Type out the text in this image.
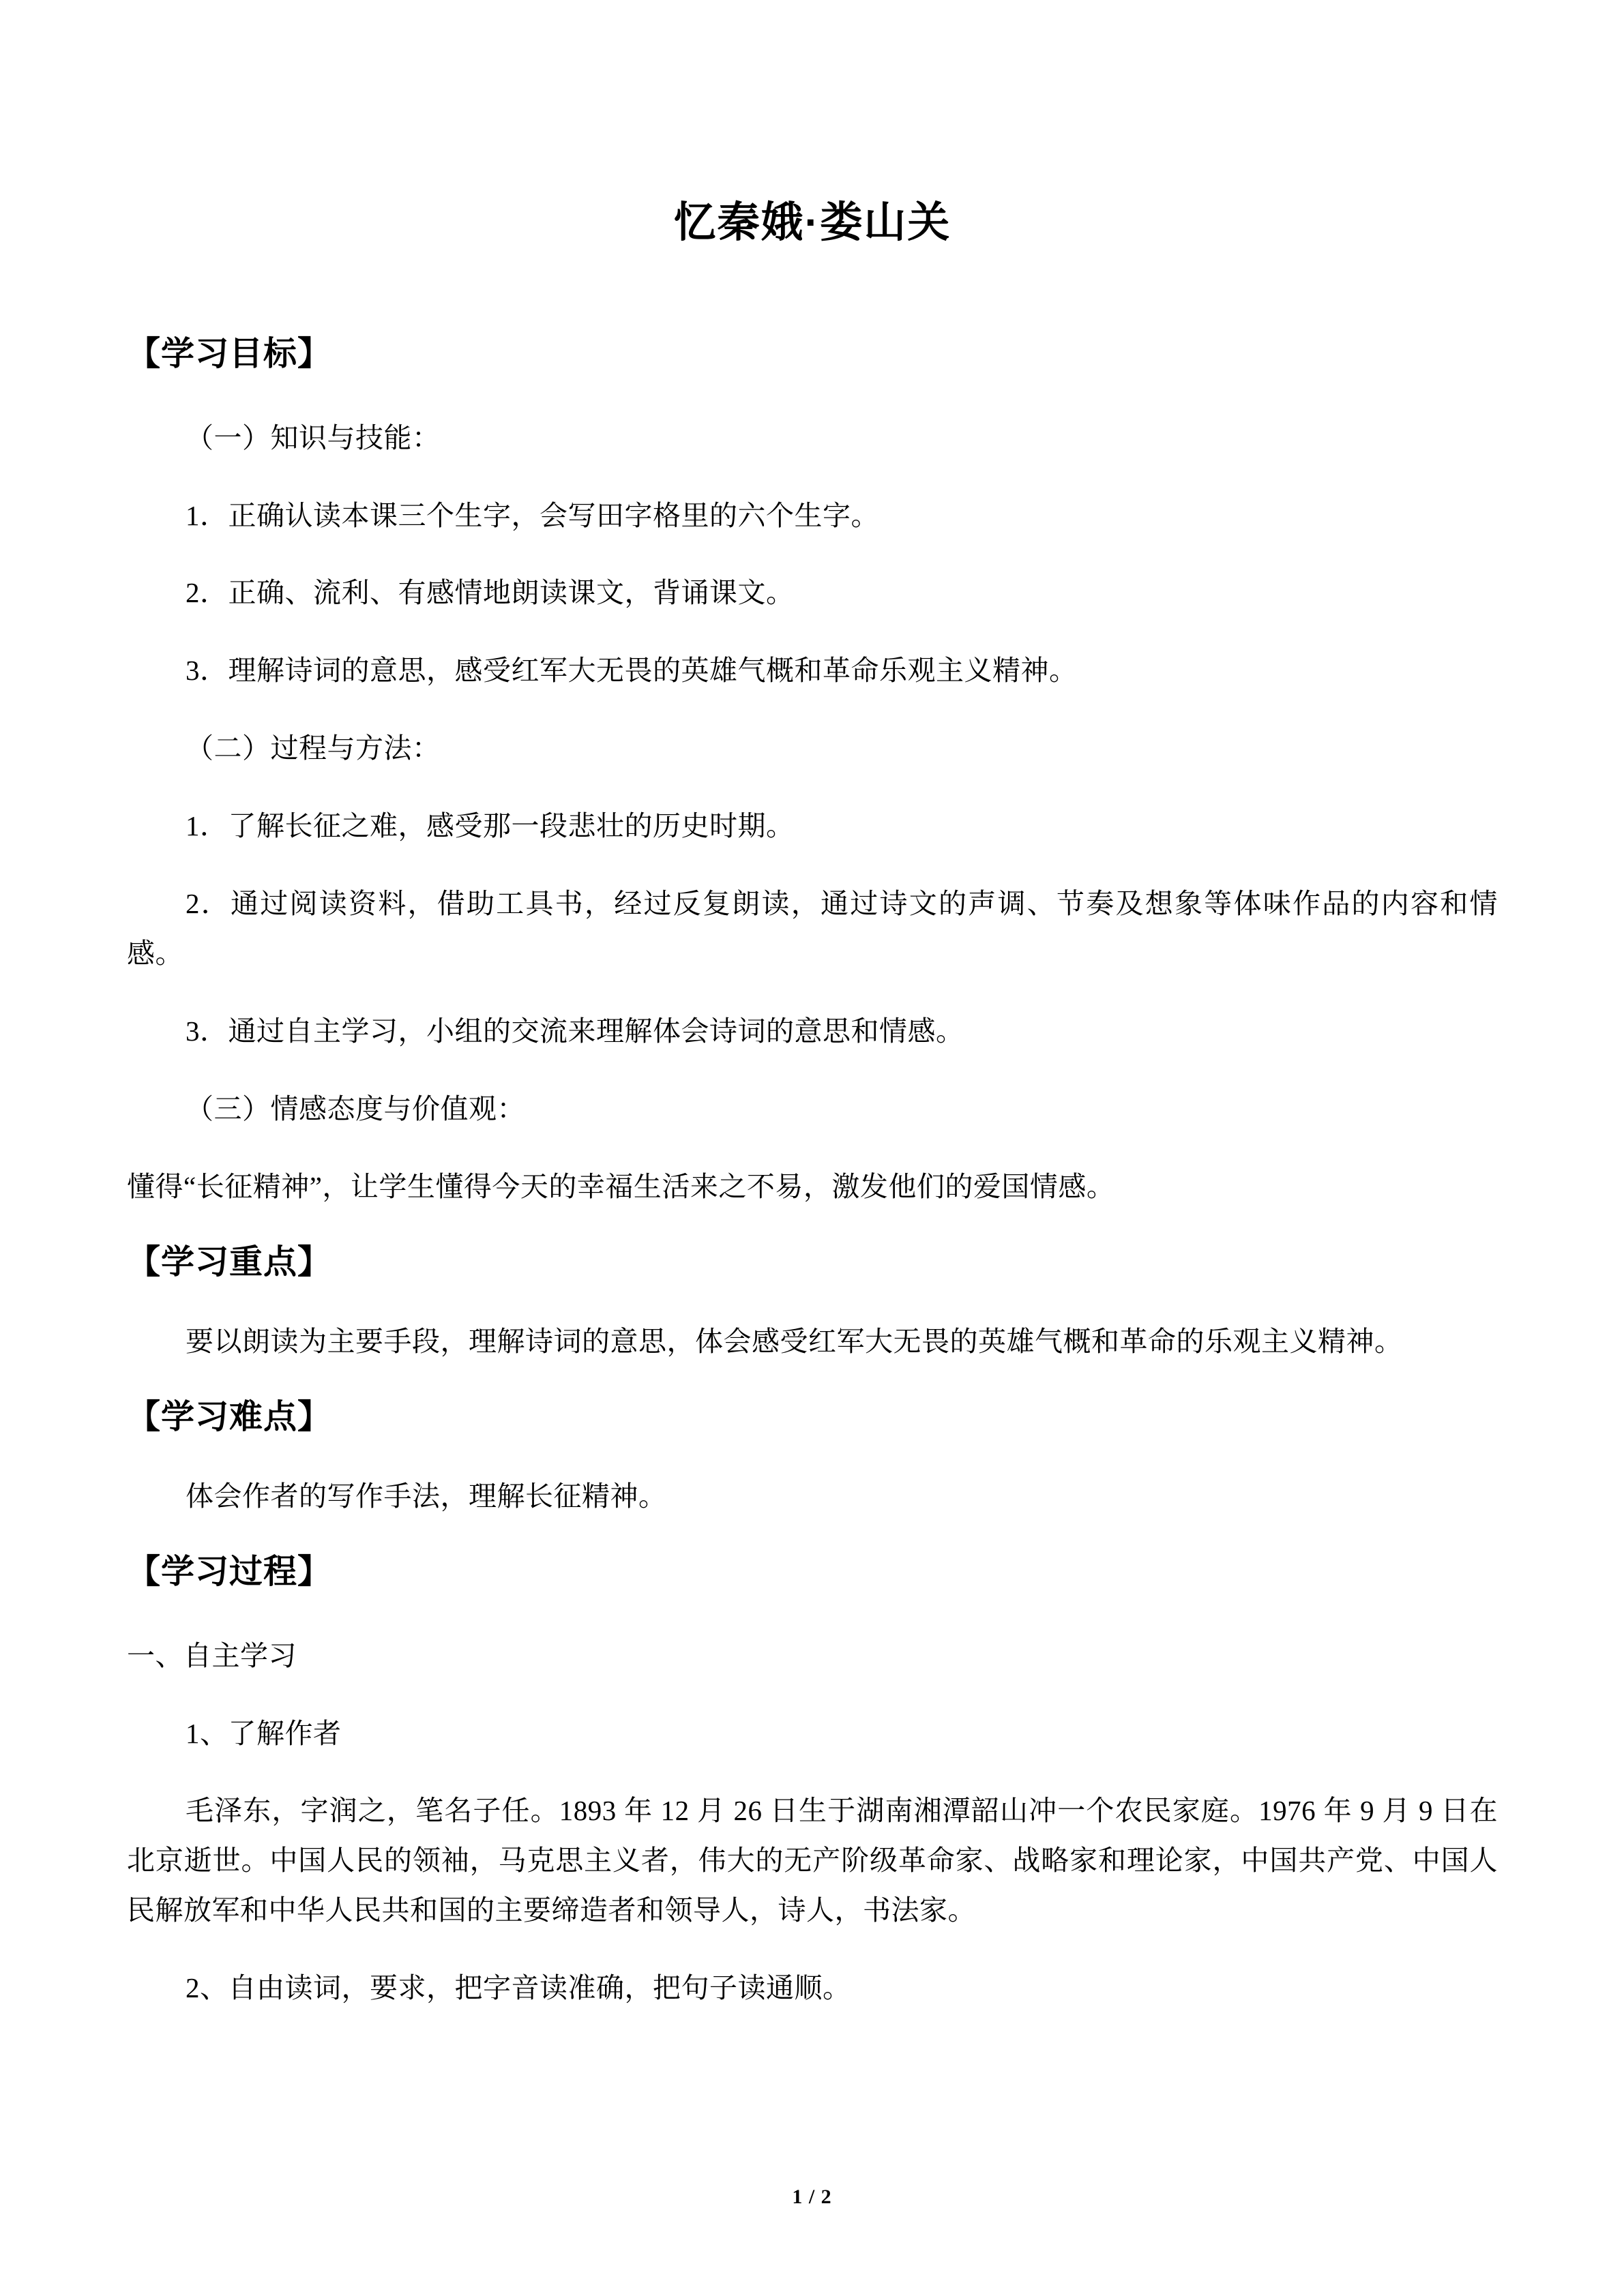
忆秦娥·娄山关
【学习目标】

（一）知识与技能：

1．正确认读本课三个生字，会写田字格里的六个生字。

2．正确、流利、有感情地朗读课文，背诵课文。

3．理解诗词的意思，感受红军大无畏的英雄气概和革命乐观主义精神。

（二）过程与方法：

1．了解长征之难，感受那一段悲壮的历史时期。

2．通过阅读资料，借助工具书，经过反复朗读，通过诗文的声调、节奏及想象等体味作品的内容和情感。

3．通过自主学习，小组的交流来理解体会诗词的意思和情感。

（三）情感态度与价值观：

懂得“长征精神”，让学生懂得今天的幸福生活来之不易，激发他们的爱国情感。

【学习重点】

要以朗读为主要手段，理解诗词的意思，体会感受红军大无畏的英雄气概和革命的乐观主义精神。

【学习难点】

体会作者的写作手法，理解长征精神。

【学习过程】

一、自主学习

1、了解作者

毛泽东，字润之，笔名子任。1893 年 12 月 26 日生于湖南湘潭韶山冲一个农民家庭。1976 年 9 月 9 日在北京逝世。中国人民的领袖，马克思主义者，伟大的无产阶级革命家、战略家和理论家，中国共产党、中国人民解放军和中华人民共和国的主要缔造者和领导人，诗人，书法家。

2、自由读词，要求，把字音读准确，把句子读通顺。

1 / 2
